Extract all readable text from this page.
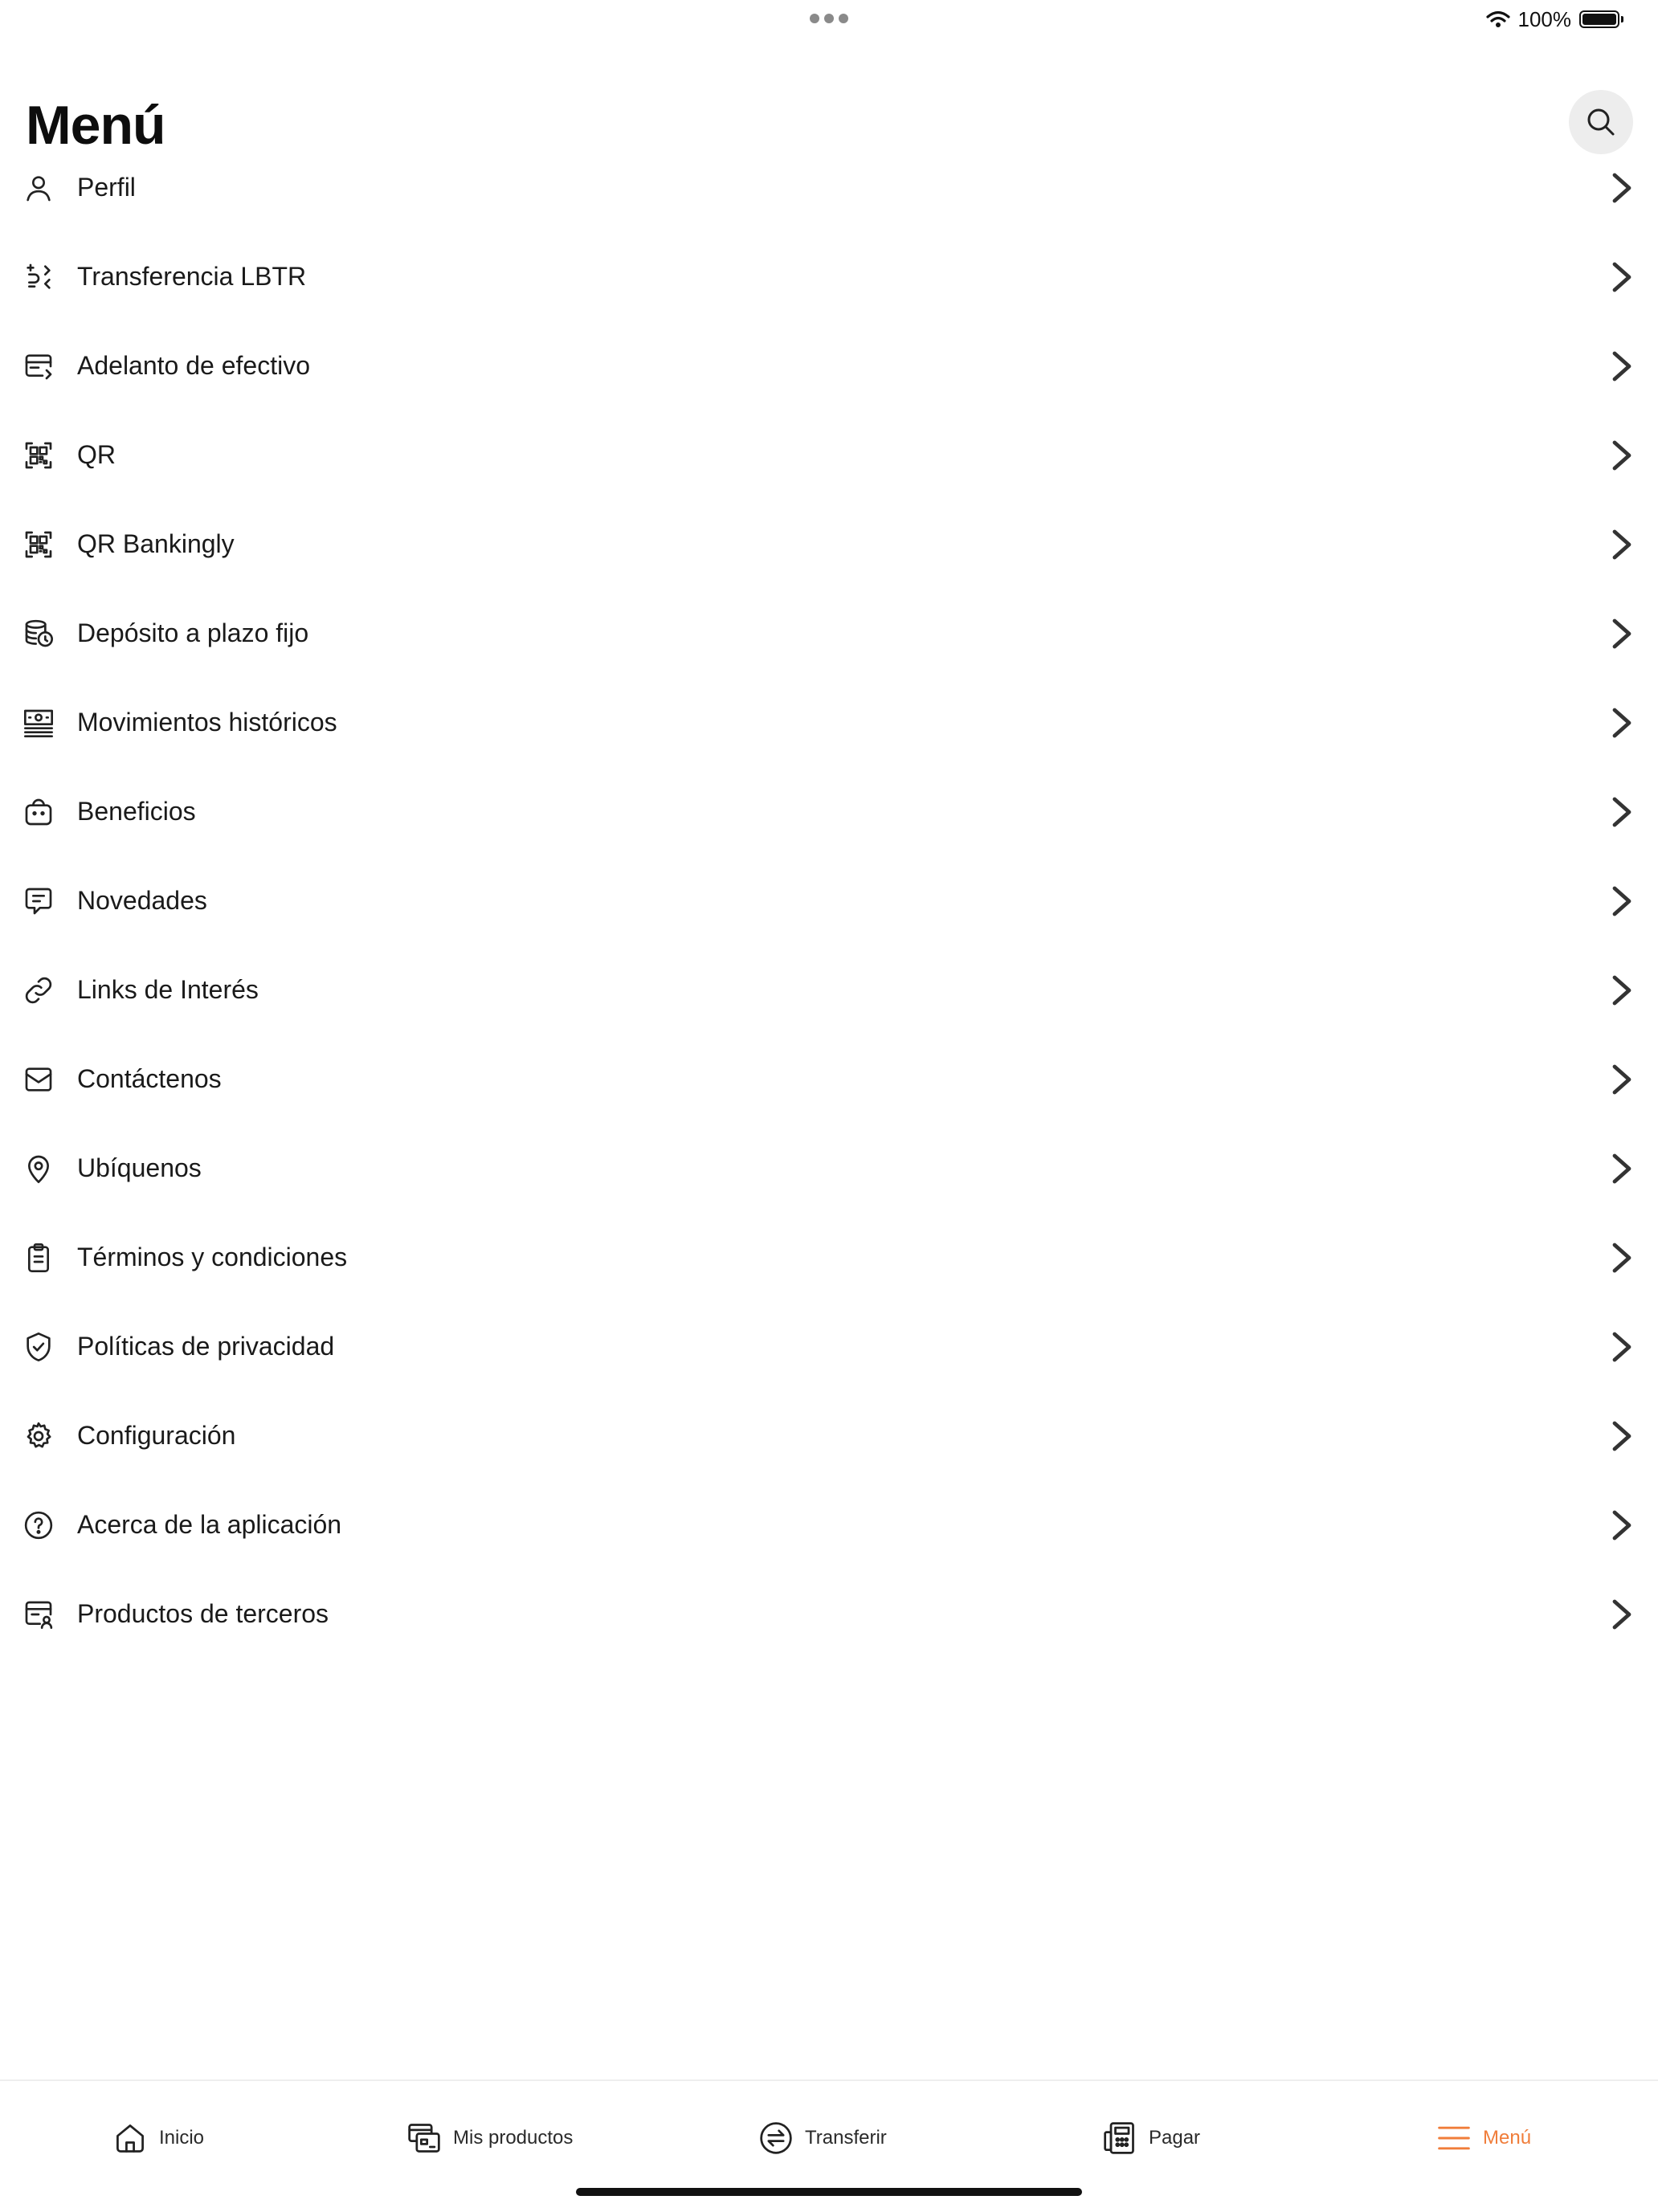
100%
Menú
Perfil
Transferencia LBTR
Adelanto de efectivo
QR
QR Bankingly
Depósito a plazo fijo
Movimientos históricos
Beneficios
Novedades
Links de Interés
Contáctenos
Ubíquenos
Términos y condiciones
Políticas de privacidad
Configuración
Acerca de la aplicación
Productos de terceros
Inicio	Mis productos	Transferir	Pagar	Menú
